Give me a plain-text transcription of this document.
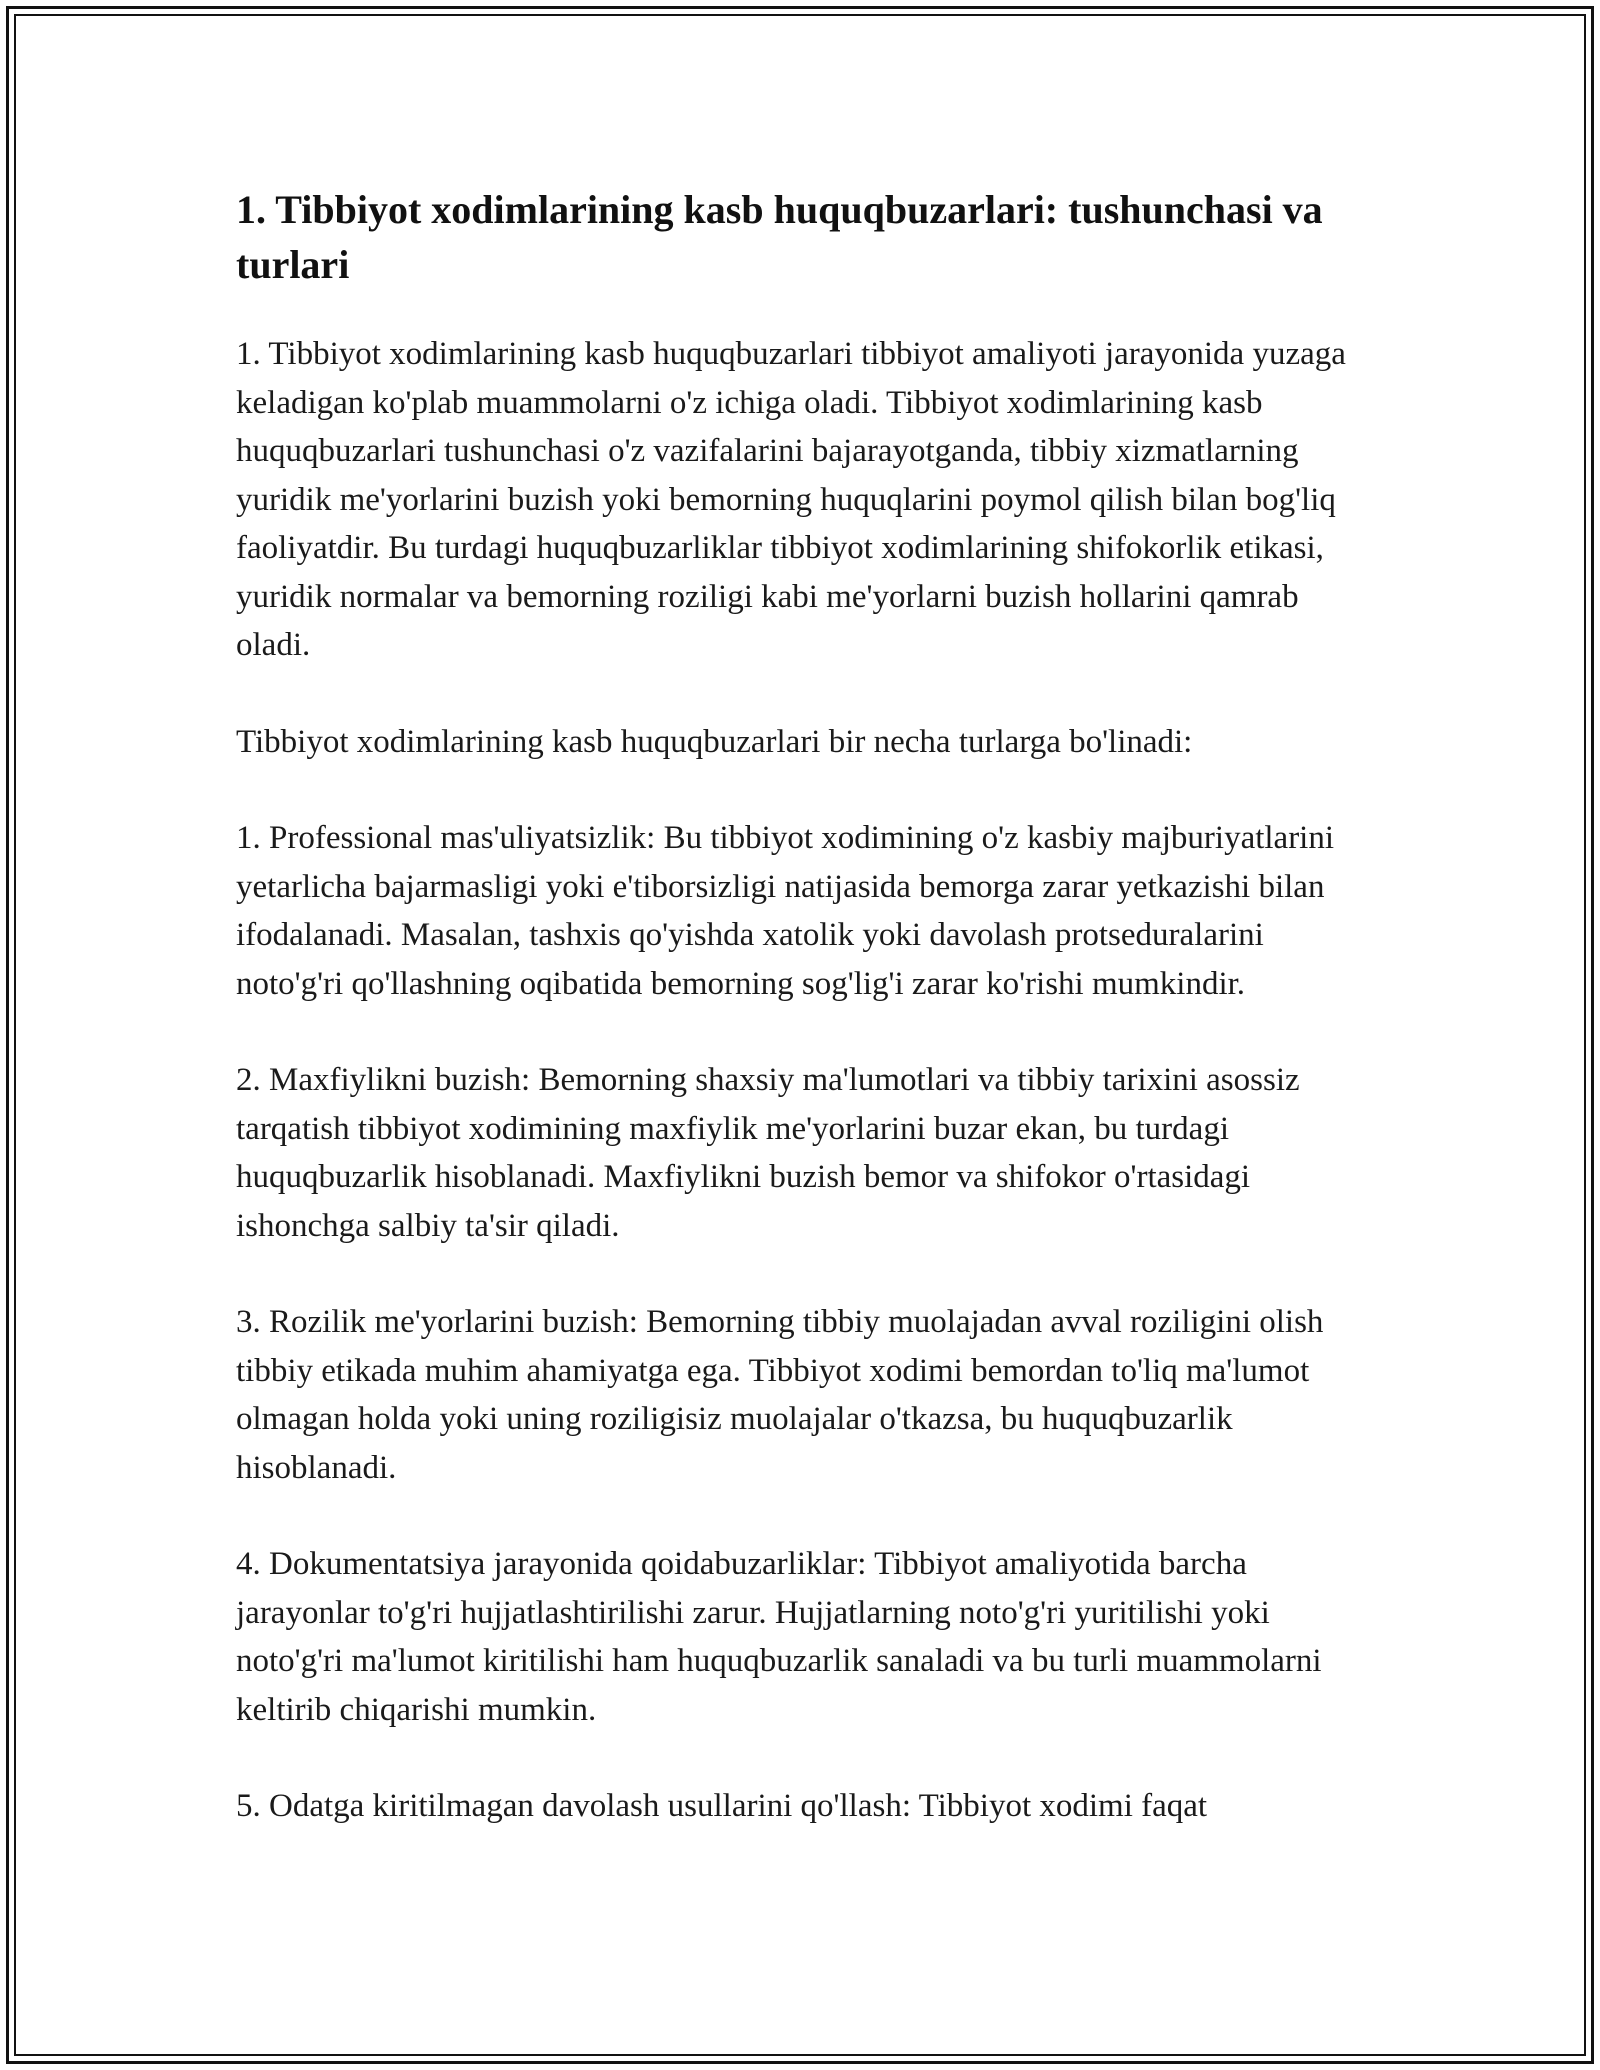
1. Tibbiyot xodimlarining kasb huquqbuzarlari: tushunchasi va turlari

1. Tibbiyot xodimlarining kasb huquqbuzarlari tibbiyot amaliyoti jarayonida yuzaga keladigan ko'plab muammolarni o'z ichiga oladi. Tibbiyot xodimlarining kasb huquqbuzarlari tushunchasi o'z vazifalarini bajarayotganda, tibbiy xizmatlarning yuridik me'yorlarini buzish yoki bemorning huquqlarini poymol qilish bilan bog'liq faoliyatdir. Bu turdagi huquqbuzarliklar tibbiyot xodimlarining shifokorlik etikasi, yuridik normalar va bemorning roziligi kabi me'yorlarni buzish hollarini qamrab oladi.

Tibbiyot xodimlarining kasb huquqbuzarlari bir necha turlarga bo'linadi:

1. Professional mas'uliyatsizlik: Bu tibbiyot xodimining o'z kasbiy majburiyatlarini yetarlicha bajarmasligi yoki e'tiborsizligi natijasida bemorga zarar yetkazishi bilan ifodalanadi. Masalan, tashxis qo'yishda xatolik yoki davolash protseduralarini noto'g'ri qo'llashning oqibatida bemorning sog'lig'i zarar ko'rishi mumkindir.

2. Maxfiylikni buzish: Bemorning shaxsiy ma'lumotlari va tibbiy tarixini asossiz tarqatish tibbiyot xodimining maxfiylik me'yorlarini buzar ekan, bu turdagi huquqbuzarlik hisoblanadi. Maxfiylikni buzish bemor va shifokor o'rtasidagi ishonchga salbiy ta'sir qiladi.

3. Rozilik me'yorlarini buzish: Bemorning tibbiy muolajadan avval roziligini olish tibbiy etikada muhim ahamiyatga ega. Tibbiyot xodimi bemordan to'liq ma'lumot olmagan holda yoki uning roziligisiz muolajalar o'tkazsa, bu huquqbuzarlik hisoblanadi.

4. Dokumentatsiya jarayonida qoidabuzarliklar: Tibbiyot amaliyotida barcha jarayonlar to'g'ri hujjatlashtirilishi zarur. Hujjatlarning noto'g'ri yuritilishi yoki noto'g'ri ma'lumot kiritilishi ham huquqbuzarlik sanaladi va bu turli muammolarni keltirib chiqarishi mumkin.

5. Odatga kiritilmagan davolash usullarini qo'llash: Tibbiyot xodimi faqat
